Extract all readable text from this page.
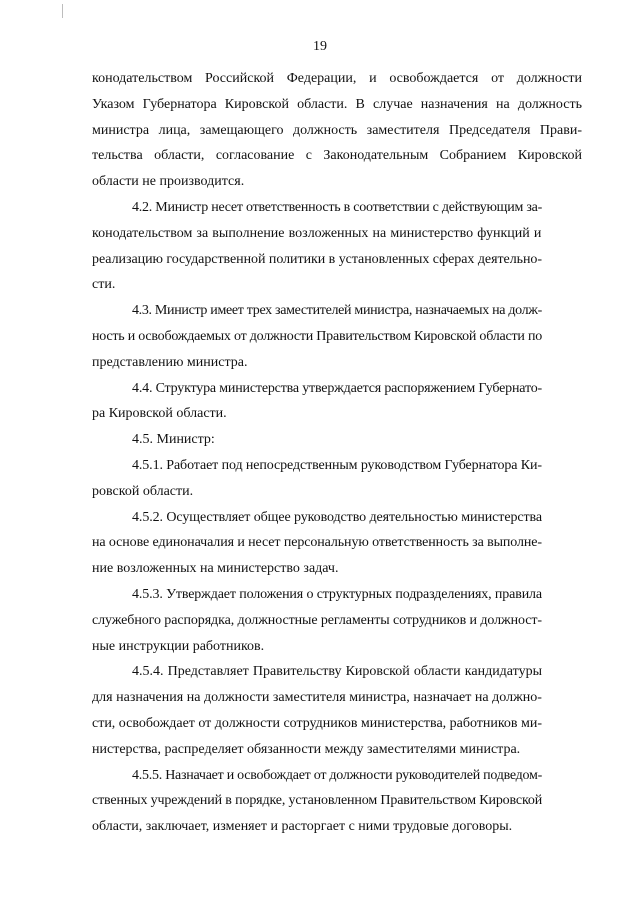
19

конодательством Российской Федерации, и освобождается от должности
Указом Губернатора Кировской области. В случае назначения на должность
министра лица, замещающего должность заместителя Председателя Прави-
тельства области, согласование с Законодательным Собранием Кировской
области не производится.

4.2. Министр несет ответственность в соответствии с действующим за-
конодательством за выполнение возложенных на министерство функций и
реализацию государственной политики в установленных сферах деятельно-
сти.

4.3. Министр имеет трех заместителей министра, назначаемых на долж-
ность и освобождаемых от должности Правительством Кировской области по
представлению министра.

4.4. Структура министерства утверждается распоряжением Губернато-
ра Кировской области.

4.5. Министр:

4.5.1. Работает под непосредственным руководством Губернатора Ки-
ровской области.

4.5.2. Осуществляет общее руководство деятельностью министерства
на основе единоначалия и несет персональную ответственность за выполне-
ние возложенных на министерство задач.

4.5.3. Утверждает положения о структурных подразделениях, правила
служебного распорядка, должностные регламенты сотрудников и должност-
ные инструкции работников.

4.5.4. Представляет Правительству Кировской области кандидатуры
для назначения на должности заместителя министра, назначает на должно-
сти, освобождает от должности сотрудников министерства, работников ми-
нистерства, распределяет обязанности между заместителями министра.

4.5.5. Назначает и освобождает от должности руководителей подведом-
ственных учреждений в порядке, установленном Правительством Кировской
области, заключает, изменяет и расторгает с ними трудовые договоры.
